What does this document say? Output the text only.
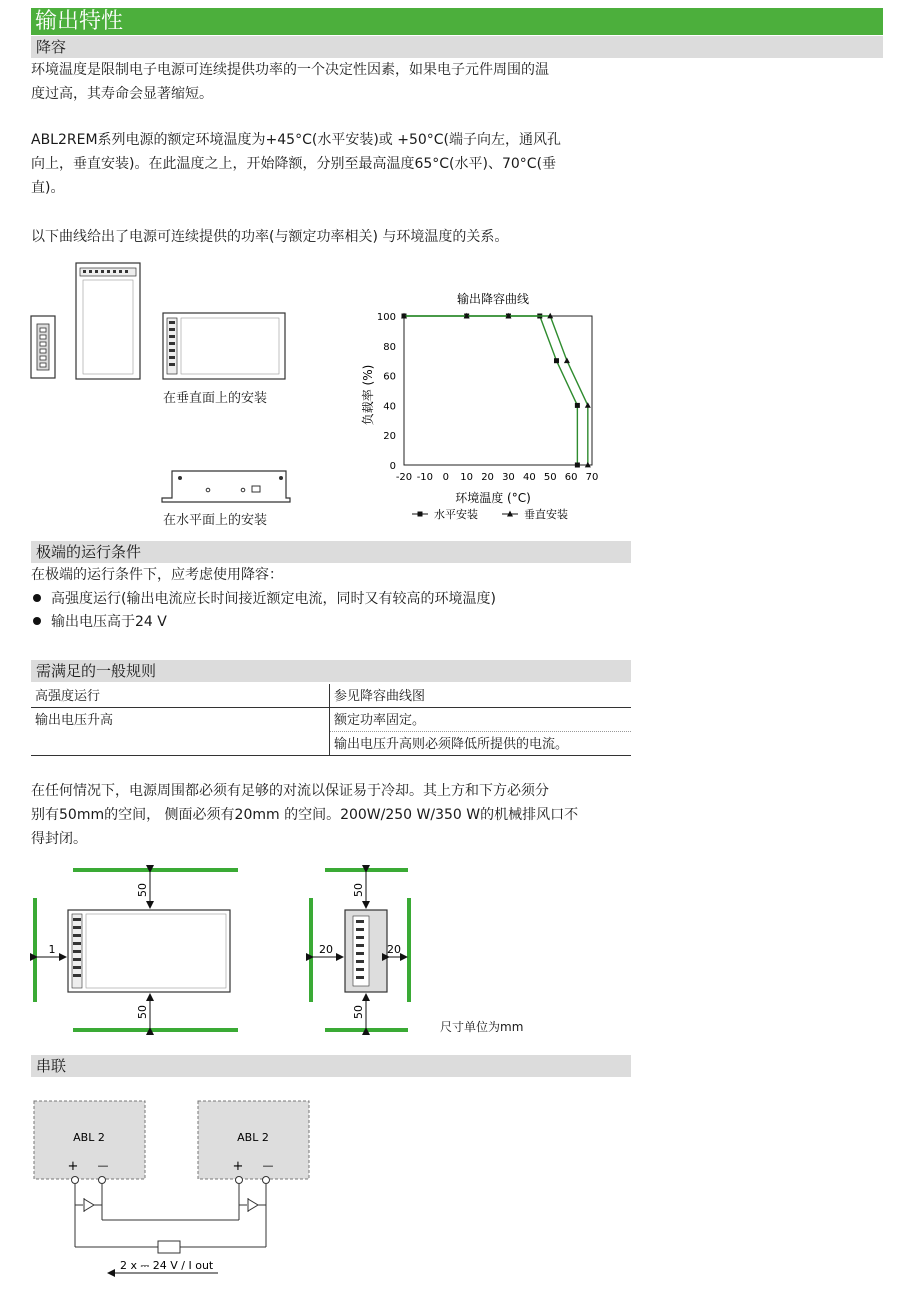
输出特性
降容
环境温度是限制电子电源可连续提供功率的一个决定性因素，如果电子元件周围的温
度过高，其寿命会显著缩短。
ABL2REM系列电源的额定环境温度为+45°C(水平安装)或 +50°C(端子向左，通风孔
向上，垂直安装)。在此温度之上，开始降额，分别至最高温度65°C(水平)、70°C(垂
直)。
以下曲线给出了电源可连续提供的功率(与额定功率相关) 与环境温度的关系。
在垂直面上的安装
在水平面上的安装
输出降容曲线
-20 -10 0 10 20 30 40 50 60 70
0
20
40
60
80
100
负载率 (%)
环境温度 (°C)
水平安装	垂直安装
极端的运行条件
在极端的运行条件下，应考虑使用降容：
高强度运行(输出电流应长时间接近额定电流，同时又有较高的环境温度)
输出电压高于24 V
需满足的一般规则
高强度运行	参见降容曲线图
输出电压升高	额定功率固定。
	输出电压升高则必须降低所提供的电流。
在任何情况下，电源周围都必须有足够的对流以保证易于冷却。其上方和下方必须分
别有50mm的空间， 侧面必须有20mm 的空间。200W/250 W/350 W的机械排风口不
得封闭。
50
50
1
50
50
20	20
尺寸单位为mm
串联
ABL 2
+ —
ABL 2
+ —
2 x ⎓ 24 V / I out
